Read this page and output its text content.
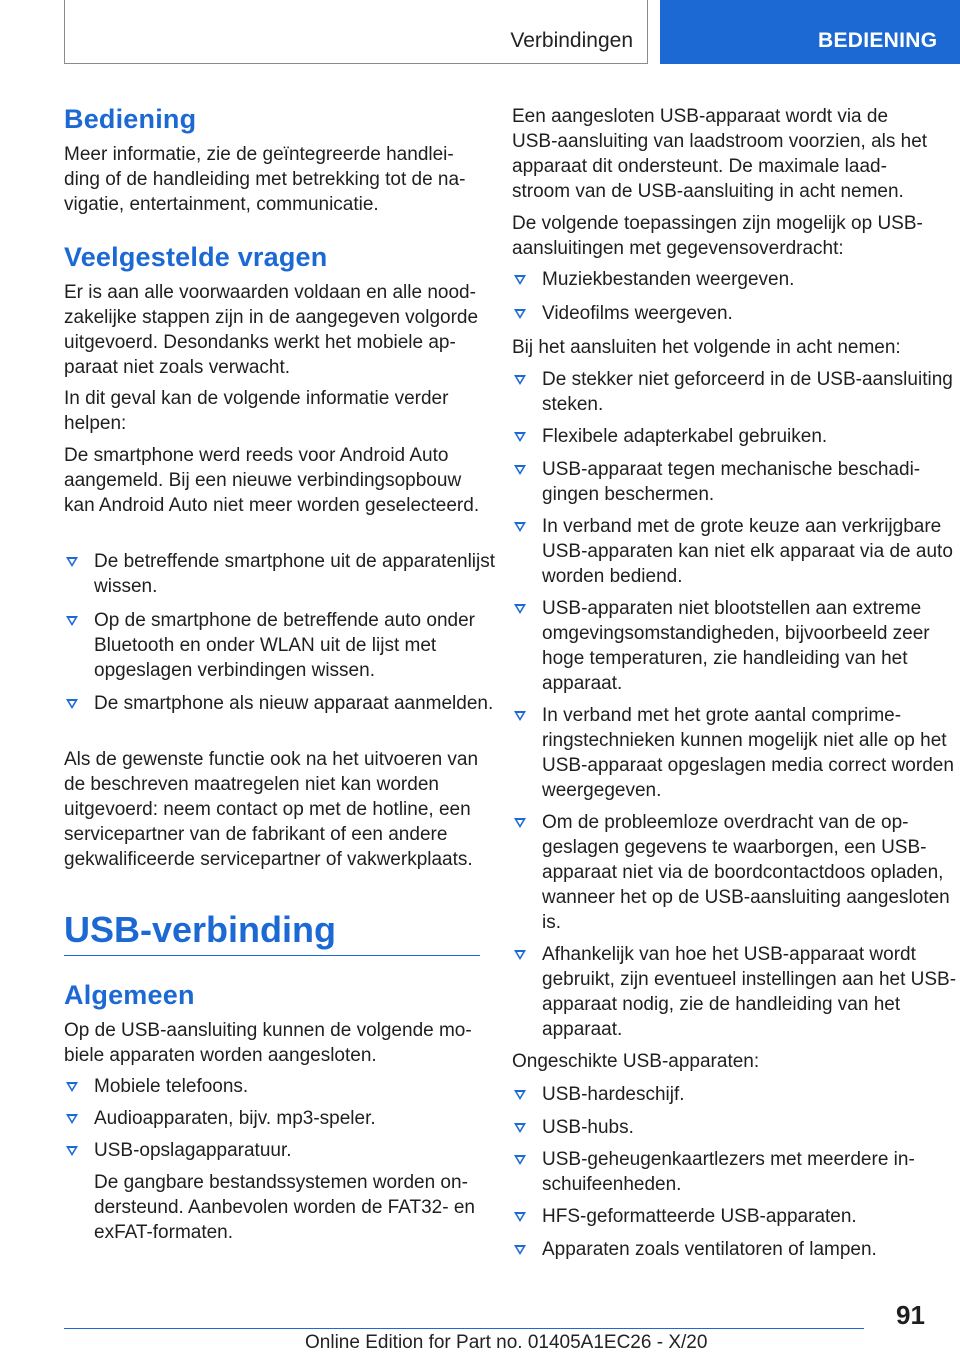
Verbindingen	BEDIENING
Bediening
Meer informatie, zie de geïntegreerde handleiding of de handleiding met betrekking tot de navigatie, entertainment, communicatie.
Veelgestelde vragen
Er is aan alle voorwaarden voldaan en alle noodzakelijke stappen zijn in de aangegeven volgorde uitgevoerd. Desondanks werkt het mobiele apparaat niet zoals verwacht.
In dit geval kan de volgende informatie verder helpen:
De smartphone werd reeds voor Android Auto aangemeld. Bij een nieuwe verbindingsopbouw kan Android Auto niet meer worden geselecteerd.
De betreffende smartphone uit de apparatenlijst wissen.
Op de smartphone de betreffende auto onder Bluetooth en onder WLAN uit de lijst met opgeslagen verbindingen wissen.
De smartphone als nieuw apparaat aanmelden.
Als de gewenste functie ook na het uitvoeren van de beschreven maatregelen niet kan worden uitgevoerd: neem contact op met de hotline, een servicepartner van de fabrikant of een andere gekwalificeerde servicepartner of vakwerkplaats.
USB-verbinding
Algemeen
Op de USB-aansluiting kunnen de volgende mobiele apparaten worden aangesloten.
Mobiele telefoons.
Audioapparaten, bijv. mp3-speler.
USB-opslagapparatuur.
De gangbare bestandssystemen worden ondersteund. Aanbevolen worden de FAT32- en exFAT-formaten.
Een aangesloten USB-apparaat wordt via de USB-aansluiting van laadstroom voorzien, als het apparaat dit ondersteunt. De maximale laadstroom van de USB-aansluiting in acht nemen.
De volgende toepassingen zijn mogelijk op USB-aansluitingen met gegevensoverdracht:
Muziekbestanden weergeven.
Videofilms weergeven.
Bij het aansluiten het volgende in acht nemen:
De stekker niet geforceerd in de USB-aansluiting steken.
Flexibele adapterkabel gebruiken.
USB-apparaat tegen mechanische beschadigingen beschermen.
In verband met de grote keuze aan verkrijgbare USB-apparaten kan niet elk apparaat via de auto worden bediend.
USB-apparaten niet blootstellen aan extreme omgevingsomstandigheden, bijvoorbeeld zeer hoge temperaturen, zie handleiding van het apparaat.
In verband met het grote aantal comprimeringstechnieken kunnen mogelijk niet alle op het USB-apparaat opgeslagen media correct worden weergegeven.
Om de probleemloze overdracht van de opgeslagen gegevens te waarborgen, een USB-apparaat niet via de boordcontactdoos opladen, wanneer het op de USB-aansluiting aangesloten is.
Afhankelijk van hoe het USB-apparaat wordt gebruikt, zijn eventueel instellingen aan het USB-apparaat nodig, zie de handleiding van het apparaat.
Ongeschikte USB-apparaten:
USB-hardeschijf.
USB-hubs.
USB-geheugenkaartlezers met meerdere inschuifeenheden.
HFS-geformatteerde USB-apparaten.
Apparaten zoals ventilatoren of lampen.
91
Online Edition for Part no. 01405A1EC26 - X/20
